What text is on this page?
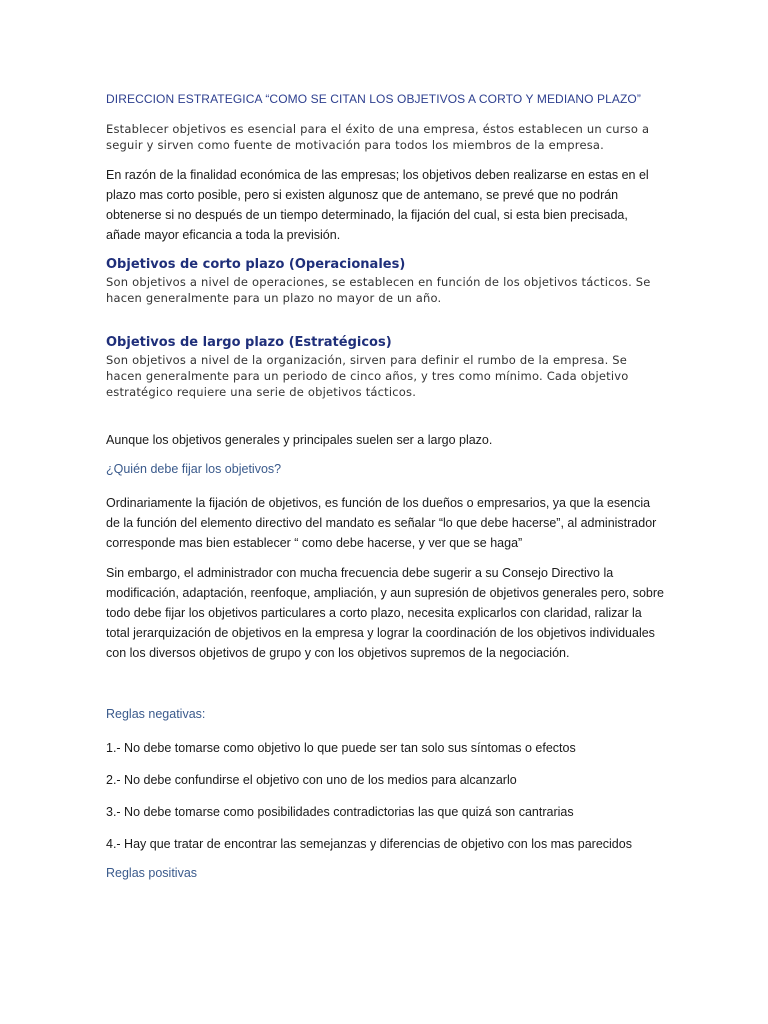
DIRECCION ESTRATEGICA “COMO SE CITAN LOS OBJETIVOS A CORTO Y MEDIANO PLAZO”

Establecer objetivos es esencial para el éxito de una empresa, éstos establecen un curso a seguir y sirven como fuente de motivación para todos los miembros de la empresa.

En razón de la finalidad económica de las empresas; los objetivos deben realizarse en estas en el plazo mas corto posible, pero si existen algunosz que de antemano, se prevé que no podrán obtenerse si no después de un tiempo determinado, la fijación del cual, si esta bien precisada, añade mayor eficancia a toda la previsión.

Objetivos de corto plazo (Operacionales)

Son objetivos a nivel de operaciones, se establecen en función de los objetivos tácticos. Se hacen generalmente para un plazo no mayor de un año.

Objetivos de largo plazo (Estratégicos)

Son objetivos a nivel de la organización, sirven para definir el rumbo de la empresa. Se hacen generalmente para un periodo de cinco años, y tres como mínimo. Cada objetivo estratégico requiere una serie de objetivos tácticos.

Aunque los objetivos generales y principales suelen ser a largo plazo.

¿Quién debe fijar los objetivos?

Ordinariamente la fijación de objetivos, es función de los dueños o empresarios, ya que la esencia de la función del elemento directivo del mandato es señalar “lo que debe hacerse”, al administrador corresponde mas bien establecer “ como debe hacerse, y ver que se haga”

Sin embargo, el administrador con mucha frecuencia debe sugerir a su Consejo Directivo la modificación, adaptación, reenfoque, ampliación, y aun supresión de objetivos generales pero, sobre todo debe fijar los objetivos particulares a corto plazo, necesita explicarlos con claridad, ralizar la total jerarquización de objetivos en la empresa y lograr la coordinación de los objetivos individuales con los diversos objetivos de grupo y con los objetivos supremos de la negociación.

Reglas negativas:

1.- No debe tomarse como objetivo lo que puede ser tan solo sus síntomas o efectos

2.- No debe confundirse el objetivo con uno de los medios para alcanzarlo

3.- No debe tomarse como posibilidades contradictorias las que quizá son cantrarias

4.- Hay que tratar de encontrar las semejanzas y diferencias de objetivo con los mas parecidos

Reglas positivas
